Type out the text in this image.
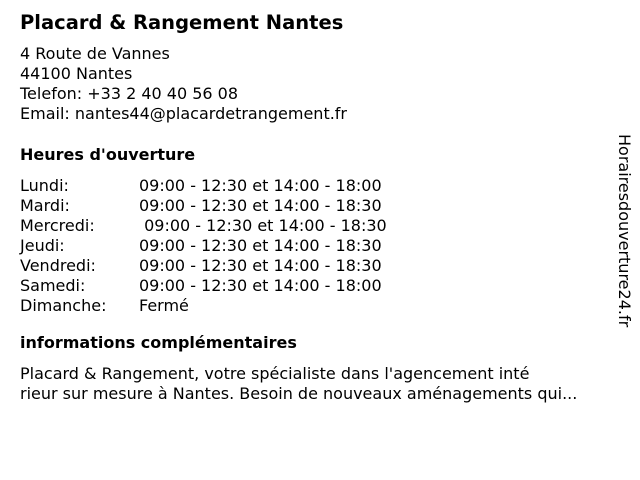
Placard & Rangement Nantes
4 Route de Vannes
44100 Nantes
Telefon: +33 2 40 40 56 08
Email: nantes44@placardetrangement.fr
Heures d'ouverture
Lundi:	09:00 - 12:30 et 14:00 - 18:00
Mardi:	09:00 - 12:30 et 14:00 - 18:30
Mercredi:	09:00 - 12:30 et 14:00 - 18:30
Jeudi:	09:00 - 12:30 et 14:00 - 18:30
Vendredi:	09:00 - 12:30 et 14:00 - 18:30
Samedi:	09:00 - 12:30 et 14:00 - 18:00
Dimanche:	Fermé
informations complémentaires
Placard & Rangement, votre spécialiste dans l'agencement inté
rieur sur mesure à Nantes. Besoin de nouveaux aménagements qui...
Horairesdouverture24.fr
